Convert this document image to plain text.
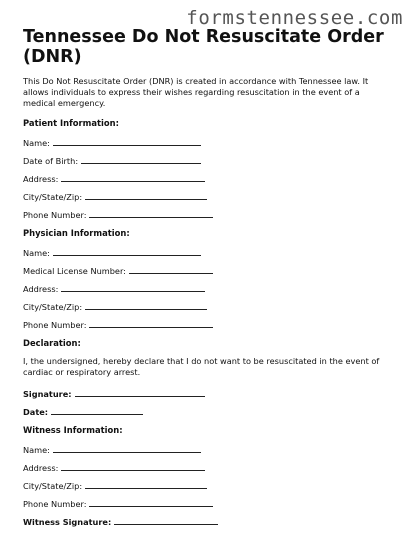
formstennessee.com
Tennessee Do Not Resuscitate Order (DNR)

This Do Not Resuscitate Order (DNR) is created in accordance with Tennessee law. It allows individuals to express their wishes regarding resuscitation in the event of a medical emergency.

Patient Information:
Name:
Date of Birth:
Address:
City/State/Zip:
Phone Number:
Physician Information:
Name:
Medical License Number:
Address:
City/State/Zip:
Phone Number:
Declaration:
I, the undersigned, hereby declare that I do not want to be resuscitated in the event of cardiac or respiratory arrest.
Signature:
Date:
Witness Information:
Name:
Address:
City/State/Zip:
Phone Number:
Witness Signature:
